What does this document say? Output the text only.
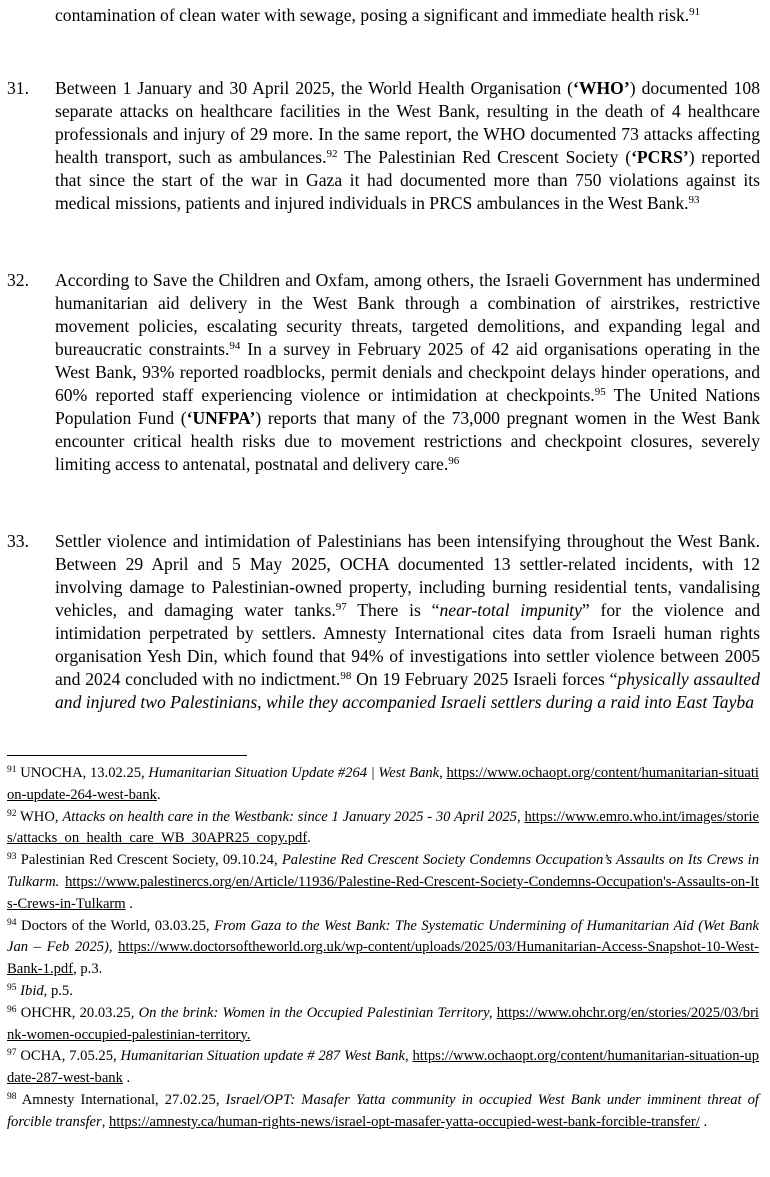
contamination of clean water with sewage, posing a significant and immediate health risk.$^{91}$
31.	Between 1 January and 30 April 2025, the World Health Organisation (‘WHO’) documented 108 separate attacks on healthcare facilities in the West Bank, resulting in the death of 4 healthcare professionals and injury of 29 more. In the same report, the WHO documented 73 attacks affecting health transport, such as ambulances.$^{92}$ The Palestinian Red Crescent Society (‘PCRS’) reported that since the start of the war in Gaza it had documented more than 750 violations against its medical missions, patients and injured individuals in PRCS ambulances in the West Bank.$^{93}$
32.	According to Save the Children and Oxfam, among others, the Israeli Government has undermined humanitarian aid delivery in the West Bank through a combination of airstrikes, restrictive movement policies, escalating security threats, targeted demolitions, and expanding legal and bureaucratic constraints.$^{94}$ In a survey in February 2025 of 42 aid organisations operating in the West Bank, 93% reported roadblocks, permit denials and checkpoint delays hinder operations, and 60% reported staff experiencing violence or intimidation at checkpoints.$^{95}$ The United Nations Population Fund (‘UNFPA’) reports that many of the 73,000 pregnant women in the West Bank encounter critical health risks due to movement restrictions and checkpoint closures, severely limiting access to antenatal, postnatal and delivery care.$^{96}$
33.	Settler violence and intimidation of Palestinians has been intensifying throughout the West Bank. Between 29 April and 5 May 2025, OCHA documented 13 settler-related incidents, with 12 involving damage to Palestinian-owned property, including burning residential tents, vandalising vehicles, and damaging water tanks.$^{97}$ There is “near-total impunity” for the violence and intimidation perpetrated by settlers. Amnesty International cites data from Israeli human rights organisation Yesh Din, which found that 94% of investigations into settler violence between 2005 and 2024 concluded with no indictment.$^{98}$ On 19 February 2025 Israeli forces “physically assaulted and injured two Palestinians, while they accompanied Israeli settlers during a raid into East Tayba
$^{91}$ UNOCHA, 13.02.25, Humanitarian Situation Update #264 | West Bank, https://www.ochaopt.org/content/humanitarian-situation-update-264-west-bank.
$^{92}$ WHO, Attacks on health care in the Westbank: since 1 January 2025 - 30 April 2025, https://www.emro.who.int/images/stories/attacks_on_health_care_WB_30APR25_copy.pdf.
$^{93}$ Palestinian Red Crescent Society, 09.10.24, Palestine Red Crescent Society Condemns Occupation’s Assaults on Its Crews in Tulkarm. https://www.palestinercs.org/en/Article/11936/Palestine-Red-Crescent-Society-Condemns-Occupation's-Assaults-on-Its-Crews-in-Tulkarm .
$^{94}$ Doctors of the World, 03.03.25, From Gaza to the West Bank: The Systematic Undermining of Humanitarian Aid (Wet Bank Jan – Feb 2025), https://www.doctorsoftheworld.org.uk/wp-content/uploads/2025/03/Humanitarian-Access-Snapshot-10-West-Bank-1.pdf, p.3.
$^{95}$ Ibid, p.5.
$^{96}$ OHCHR, 20.03.25, On the brink: Women in the Occupied Palestinian Territory, https://www.ohchr.org/en/stories/2025/03/brink-women-occupied-palestinian-territory.
$^{97}$ OCHA, 7.05.25, Humanitarian Situation update # 287 West Bank, https://www.ochaopt.org/content/humanitarian-situation-update-287-west-bank .
$^{98}$ Amnesty International, 27.02.25, Israel/OPT: Masafer Yatta community in occupied West Bank under imminent threat of forcible transfer, https://amnesty.ca/human-rights-news/israel-opt-masafer-yatta-occupied-west-bank-forcible-transfer/ .
